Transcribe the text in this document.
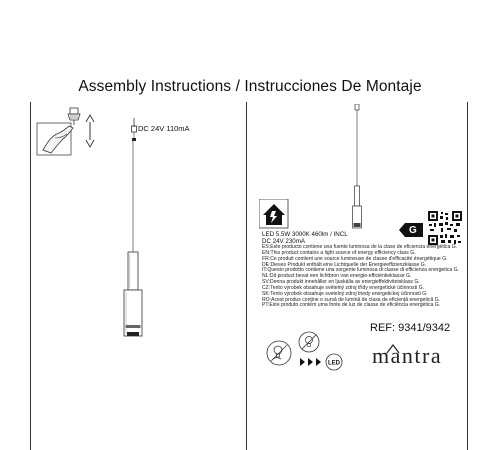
Assembly Instructions / Instrucciones De Montaje
DC 24V 110mA
G
LED 5.5W 3000K 460lm / INCL
DC 24V 230mA
ES:Este producto contiene una fuente luminosa de la clase de eficiencia energética G.
EN:This product contains a light source of energy efficiency class G.
FR:Ce produit contient une source lumineuse de classe d'efficacité énergétique G.
DE:Dieses Produkt enthält eine Lichtquelle der Energieeffizienzklasse G.
IT:Questo prodotto contiene una sorgente luminosa di classe di efficienza energetica G.
NL:Dit product bevat een lichtbron van energie-efficiëntieklasse G.
SV:Denna produkt innehåller en ljuskälla av energieffektivitetsklass G.
CZ:Tento výrobek obsahuje světelný zdroj třídy energetické účinnosti G.
SK:Tento výrobok obsahuje svetelný zdroj triedy energetickej účinnosti G.
RO:Acest produs conține o sursă de lumină de clasa de eficiență energetică G.
PT:Este produto contém uma fonte de luz de classe de eficiência energética G.
LED
REF: 9341/9342
mantra
